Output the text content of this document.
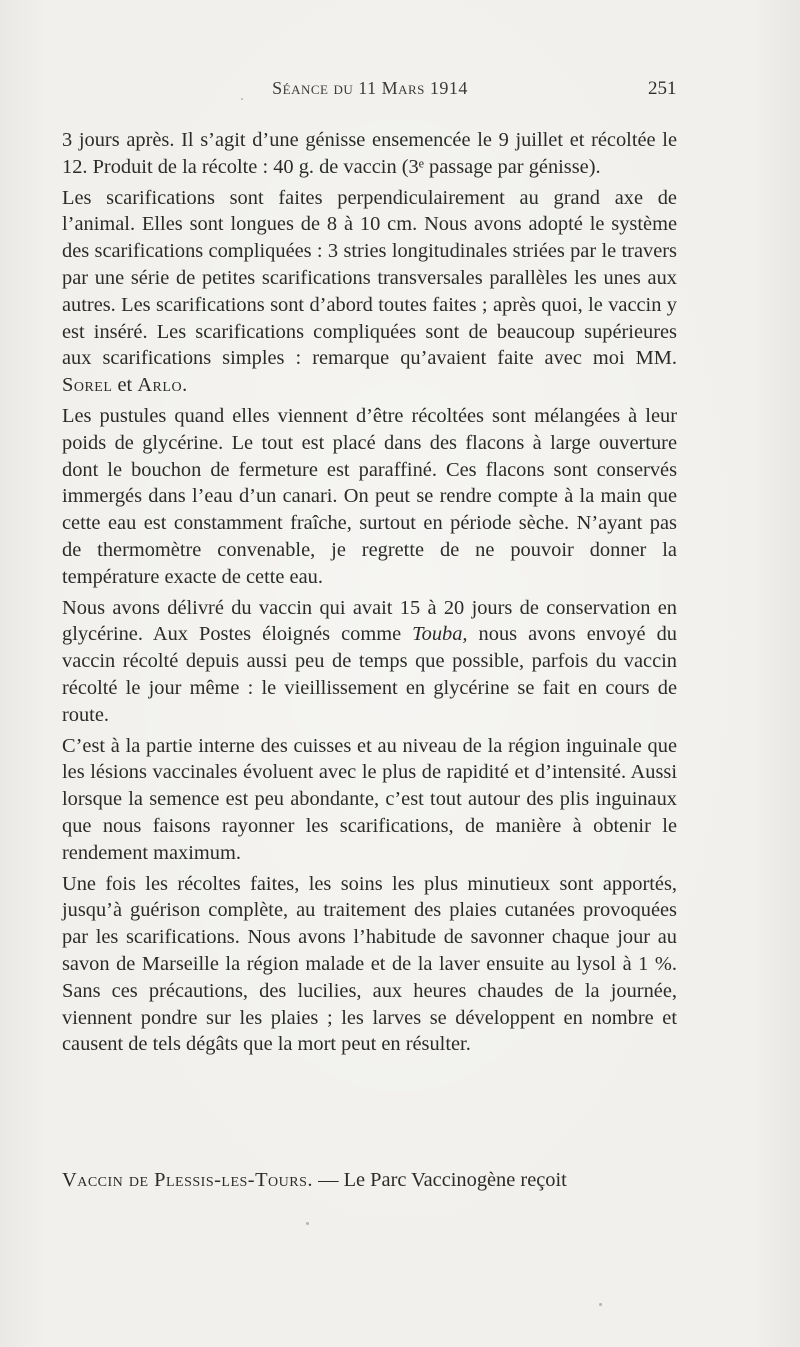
Séance du 11 Mars 1914	251

3 jours après. Il s’agit d’une génisse ensemencée le 9 juillet et récoltée le 12. Produit de la récolte : 40 g. de vaccin (3ᵉ passage par génisse).

Les scarifications sont faites perpendiculairement au grand axe de l’animal. Elles sont longues de 8 à 10 cm. Nous avons adopté le système des scarifications compliquées : 3 stries longitudinales striées par le travers par une série de petites scarifications transversales parallèles les unes aux autres. Les scarifications sont d’abord toutes faites ; après quoi, le vaccin y est inséré. Les scarifications compliquées sont de beaucoup supérieures aux scarifications simples : remarque qu’avaient faite avec moi MM. Sorel et Arlo.

Les pustules quand elles viennent d’être récoltées sont mélangées à leur poids de glycérine. Le tout est placé dans des flacons à large ouverture dont le bouchon de fermeture est paraffiné. Ces flacons sont conservés immergés dans l’eau d’un canari. On peut se rendre compte à la main que cette eau est constamment fraîche, surtout en période sèche. N’ayant pas de thermomètre convenable, je regrette de ne pouvoir donner la température exacte de cette eau.

Nous avons délivré du vaccin qui avait 15 à 20 jours de conservation en glycérine. Aux Postes éloignés comme Touba, nous avons envoyé du vaccin récolté depuis aussi peu de temps que possible, parfois du vaccin récolté le jour même : le vieillissement en glycérine se fait en cours de route.

C’est à la partie interne des cuisses et au niveau de la région inguinale que les lésions vaccinales évoluent avec le plus de rapidité et d’intensité. Aussi lorsque la semence est peu abondante, c’est tout autour des plis inguinaux que nous faisons rayonner les scarifications, de manière à obtenir le rendement maximum.

Une fois les récoltes faites, les soins les plus minutieux sont apportés, jusqu’à guérison complète, au traitement des plaies cutanées provoquées par les scarifications. Nous avons l’habitude de savonner chaque jour au savon de Marseille la région malade et de la laver ensuite au lysol à 1 %. Sans ces précautions, des lucilies, aux heures chaudes de la journée, viennent pondre sur les plaies ; les larves se développent en nombre et causent de tels dégâts que la mort peut en résulter.

Vaccin de Plessis-les-Tours. — Le Parc Vaccinogène reçoit
